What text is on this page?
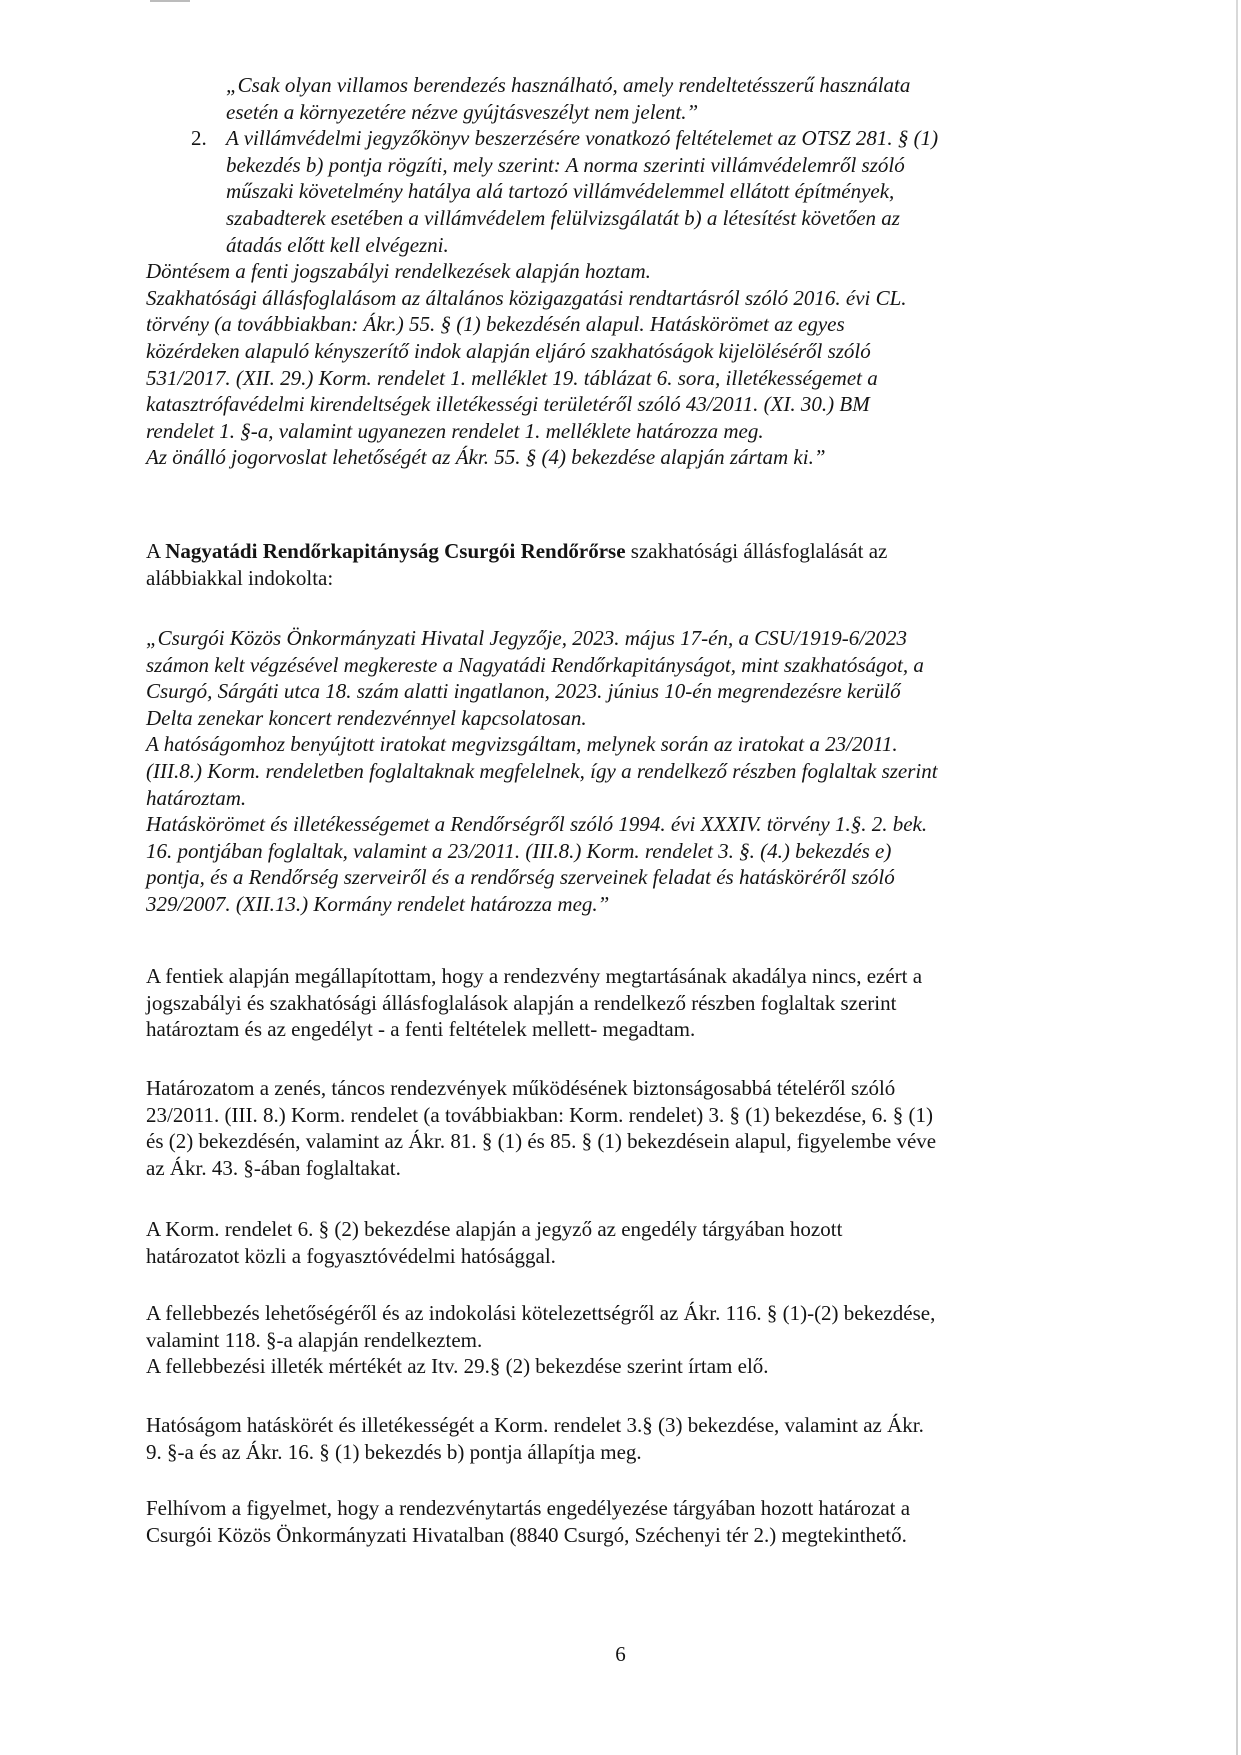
„Csak olyan villamos berendezés használható, amely rendeltetésszerű használata

esetén a környezetére nézve gyújtásveszélyt nem jelent.”

2. A villámvédelmi jegyzőkönyv beszerzésére vonatkozó feltételemet az OTSZ 281. § (1)

bekezdés b) pontja rögzíti, mely szerint: A norma szerinti villámvédelemről szóló

műszaki követelmény hatálya alá tartozó villámvédelemmel ellátott építmények,

szabadterek esetében a villámvédelem felülvizsgálatát b) a létesítést követően az

átadás előtt kell elvégezni.

Döntésem a fenti jogszabályi rendelkezések alapján hoztam.

Szakhatósági állásfoglalásom az általános közigazgatási rendtartásról szóló 2016. évi CL.

törvény (a továbbiakban: Ákr.) 55. § (1) bekezdésén alapul. Hatáskörömet az egyes

közérdeken alapuló kényszerítő indok alapján eljáró szakhatóságok kijelöléséről szóló

531/2017. (XII. 29.) Korm. rendelet 1. melléklet 19. táblázat 6. sora, illetékességemet a

katasztrófavédelmi kirendeltségek illetékességi területéről szóló 43/2011. (XI. 30.) BM

rendelet 1. §-a, valamint ugyanezen rendelet 1. melléklete határozza meg.

Az önálló jogorvoslat lehetőségét az Ákr. 55. § (4) bekezdése alapján zártam ki.”

A Nagyatádi Rendőrkapitányság Csurgói Rendőrőrse szakhatósági állásfoglalását az

alábbiakkal indokolta:

„Csurgói Közös Önkormányzati Hivatal Jegyzője, 2023. május 17-én, a CSU/1919-6/2023

számon kelt végzésével megkereste a Nagyatádi Rendőrkapitányságot, mint szakhatóságot, a

Csurgó, Sárgáti utca 18. szám alatti ingatlanon, 2023. június 10-én megrendezésre kerülő

Delta zenekar koncert rendezvénnyel kapcsolatosan.

A hatóságomhoz benyújtott iratokat megvizsgáltam, melynek során az iratokat a 23/2011.

(III.8.) Korm. rendeletben foglaltaknak megfelelnek, így a rendelkező részben foglaltak szerint

határoztam.

Hatáskörömet és illetékességemet a Rendőrségről szóló 1994. évi XXXIV. törvény 1.§. 2. bek.

16. pontjában foglaltak, valamint a 23/2011. (III.8.) Korm. rendelet 3. §. (4.) bekezdés e)

pontja, és a Rendőrség szerveiről és a rendőrség szerveinek feladat és hatásköréről szóló

329/2007. (XII.13.) Kormány rendelet határozza meg.”

A fentiek alapján megállapítottam, hogy a rendezvény megtartásának akadálya nincs, ezért a

jogszabályi és szakhatósági állásfoglalások alapján a rendelkező részben foglaltak szerint

határoztam és az engedélyt - a fenti feltételek mellett- megadtam.

Határozatom a zenés, táncos rendezvények működésének biztonságosabbá tételéről szóló

23/2011. (III. 8.) Korm. rendelet (a továbbiakban: Korm. rendelet) 3. § (1) bekezdése, 6. § (1)

és (2) bekezdésén, valamint az Ákr. 81. § (1) és 85. § (1) bekezdésein alapul, figyelembe véve

az Ákr. 43. §-ában foglaltakat.

A Korm. rendelet 6. § (2) bekezdése alapján a jegyző az engedély tárgyában hozott

határozatot közli a fogyasztóvédelmi hatósággal.

A fellebbezés lehetőségéről és az indokolási kötelezettségről az Ákr. 116. § (1)-(2) bekezdése,

valamint 118. §-a alapján rendelkeztem.

A fellebbezési illeték mértékét az Itv. 29.§ (2) bekezdése szerint írtam elő.

Hatóságom hatáskörét és illetékességét a Korm. rendelet 3.§ (3) bekezdése, valamint az Ákr.

9. §-a és az Ákr. 16. § (1) bekezdés b) pontja állapítja meg.

Felhívom a figyelmet, hogy a rendezvénytartás engedélyezése tárgyában hozott határozat a

Csurgói Közös Önkormányzati Hivatalban (8840 Csurgó, Széchenyi tér 2.) megtekinthető.

6
